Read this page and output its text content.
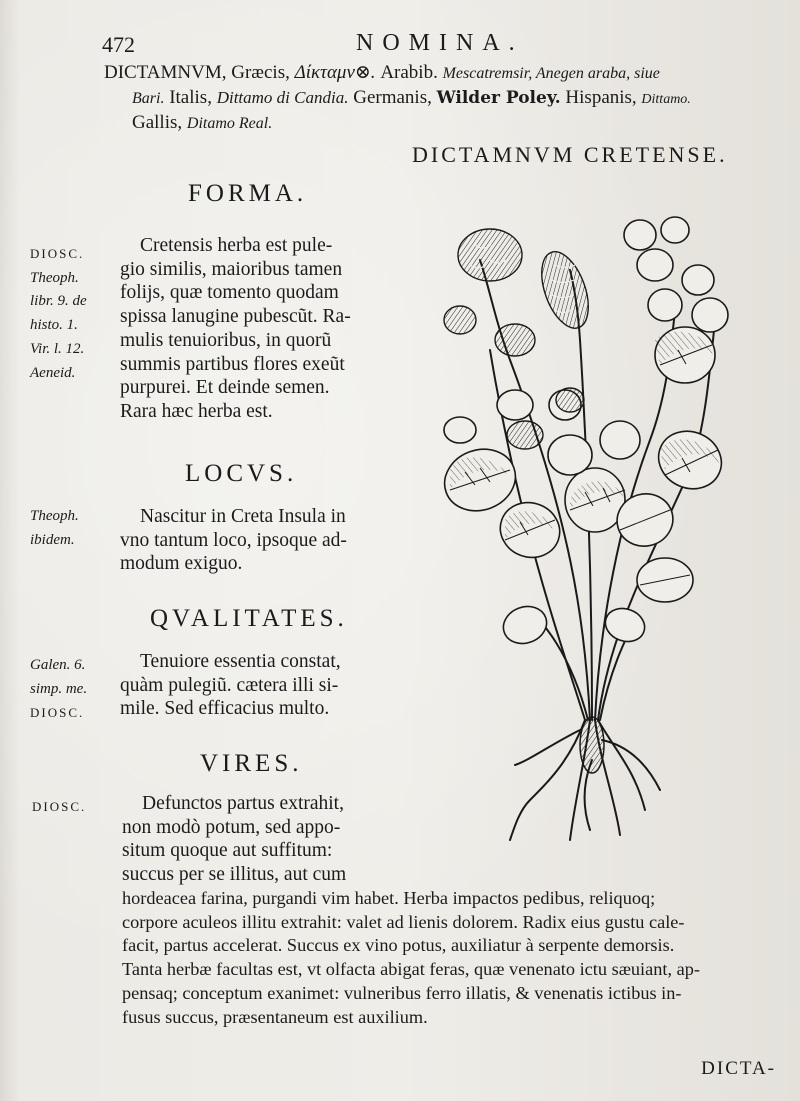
472	NOMINA.
DICTAMNVM, Græcis, Δίκταμν⊗. Arabib. Mescatremsir, Anegen araba, siue
Bari. Italis, Dittamo di Candia. Germanis, Wilder Poley. Hispanis, Dittamo.
Gallis, Ditamo Real.
DICTAMNVM CRETENSE.
FORMA.
DIOSC.
Theoph.
libr. 9. de
histo. 1.
Vir. l. 12.
Aeneid.
Cretensis herba est pule-
gio similis, maioribus tamen
folijs, quæ tomento quodam
spissa lanugine pubescũt. Ra-
mulis tenuioribus, in quorũ
summis partibus flores exeũt
purpurei. Et deinde semen.
Rara hæc herba est.
LOCVS.
Theoph.
ibidem.
Nascitur in Creta Insula in
vno tantum loco, ipsoque ad-
modum exiguo.
QVALITATES.
Galen. 6.
simp. me.
DIOSC.
Tenuiore essentia constat,
quàm pulegiũ. cætera illi si-
mile. Sed efficacius multo.
VIRES.
DIOSC.	Defunctos partus extrahit,
non modò potum, sed appo-
situm quoque aut suffitum:
succus per se illitus, aut cum
hordeacea farina, purgandi vim habet. Herba impactos pedibus, reliquoq;
corpore aculeos illitu extrahit: valet ad lienis dolorem. Radix eius gustu cale-
facit, partus accelerat. Succus ex vino potus, auxiliatur à serpente demorsis.
Tanta herbæ facultas est, vt olfacta abigat feras, quæ venenato ictu sæuiant, ap-
pensaq; conceptum exanimet: vulneribus ferro illatis, & venenatis ictibus in-
fusus succus, præsentaneum est auxilium.
DICTA-
